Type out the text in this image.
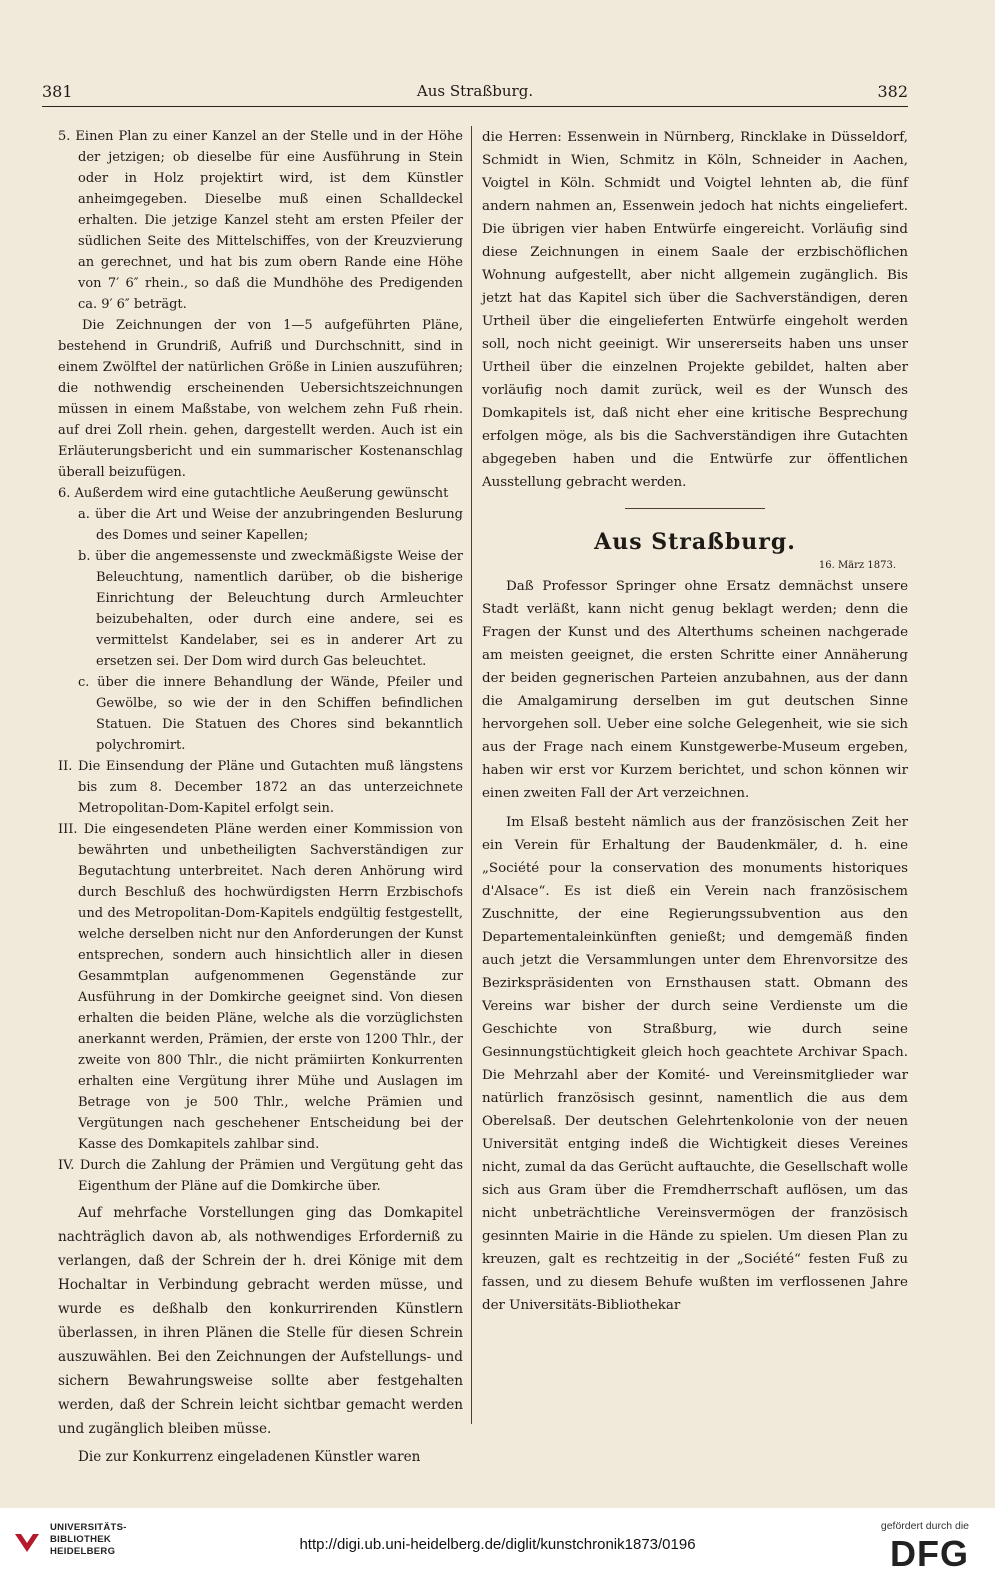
381	Aus Straßburg.	382

5. Einen Plan zu einer Kanzel an der Stelle und in der Höhe der jetzigen; ob dieselbe für eine Ausführung in Stein oder in Holz projektirt wird, ist dem Künstler anheimgegeben. Dieselbe muß einen Schalldeckel erhalten. Die jetzige Kanzel steht am ersten Pfeiler der südlichen Seite des Mittelschiffes, von der Kreuzvierung an gerechnet, und hat bis zum obern Rande eine Höhe von 7′ 6″ rhein., so daß die Mundhöhe des Predigenden ca. 9′ 6″ beträgt.

Die Zeichnungen der von 1—5 aufgeführten Pläne, bestehend in Grundriß, Aufriß und Durchschnitt, sind in einem Zwölftel der natürlichen Größe in Linien auszuführen; die nothwendig erscheinenden Uebersichtszeichnungen müssen in einem Maßstabe, von welchem zehn Fuß rhein. auf drei Zoll rhein. gehen, dargestellt werden. Auch ist ein Erläuterungsbericht und ein summarischer Kostenanschlag überall beizufügen.

6. Außerdem wird eine gutachtliche Aeußerung gewünscht

a. über die Art und Weise der anzubringenden Beslurung des Domes und seiner Kapellen;

b. über die angemessenste und zweckmäßigste Weise der Beleuchtung, namentlich darüber, ob die bisherige Einrichtung der Beleuchtung durch Armleuchter beizubehalten, oder durch eine andere, sei es vermittelst Kandelaber, sei es in anderer Art zu ersetzen sei. Der Dom wird durch Gas beleuchtet.

c. über die innere Behandlung der Wände, Pfeiler und Gewölbe, so wie der in den Schiffen befindlichen Statuen. Die Statuen des Chores sind bekanntlich polychromirt.

II. Die Einsendung der Pläne und Gutachten muß längstens bis zum 8. December 1872 an das unterzeichnete Metropolitan-Dom-Kapitel erfolgt sein.

III. Die eingesendeten Pläne werden einer Kommission von bewährten und unbetheiligten Sachverständigen zur Begutachtung unterbreitet. Nach deren Anhörung wird durch Beschluß des hochwürdigsten Herrn Erzbischofs und des Metropolitan-Dom-Kapitels endgültig festgestellt, welche derselben nicht nur den Anforderungen der Kunst entsprechen, sondern auch hinsichtlich aller in diesen Gesammtplan aufgenommenen Gegenstände zur Ausführung in der Domkirche geeignet sind. Von diesen erhalten die beiden Pläne, welche als die vorzüglichsten anerkannt werden, Prämien, der erste von 1200 Thlr., der zweite von 800 Thlr., die nicht prämiirten Konkurrenten erhalten eine Vergütung ihrer Mühe und Auslagen im Betrage von je 500 Thlr., welche Prämien und Vergütungen nach geschehener Entscheidung bei der Kasse des Domkapitels zahlbar sind.

IV. Durch die Zahlung der Prämien und Vergütung geht das Eigenthum der Pläne auf die Domkirche über.

Auf mehrfache Vorstellungen ging das Domkapitel nachträglich davon ab, als nothwendiges Erforderniß zu verlangen, daß der Schrein der h. drei Könige mit dem Hochaltar in Verbindung gebracht werden müsse, und wurde es deßhalb den konkurrirenden Künstlern überlassen, in ihren Plänen die Stelle für diesen Schrein auszuwählen. Bei den Zeichnungen der Aufstellungs- und sichern Bewahrungsweise sollte aber festgehalten werden, daß der Schrein leicht sichtbar gemacht werden und zugänglich bleiben müsse.

Die zur Konkurrenz eingeladenen Künstler waren

die Herren: Essenwein in Nürnberg, Rincklake in Düsseldorf, Schmidt in Wien, Schmitz in Köln, Schneider in Aachen, Voigtel in Köln. Schmidt und Voigtel lehnten ab, die fünf andern nahmen an, Essenwein jedoch hat nichts eingeliefert. Die übrigen vier haben Entwürfe eingereicht. Vorläufig sind diese Zeichnungen in einem Saale der erzbischöflichen Wohnung aufgestellt, aber nicht allgemein zugänglich. Bis jetzt hat das Kapitel sich über die Sachverständigen, deren Urtheil über die eingelieferten Entwürfe eingeholt werden soll, noch nicht geeinigt. Wir unsererseits haben uns unser Urtheil über die einzelnen Projekte gebildet, halten aber vorläufig noch damit zurück, weil es der Wunsch des Domkapitels ist, daß nicht eher eine kritische Besprechung erfolgen möge, als bis die Sachverständigen ihre Gutachten abgegeben haben und die Entwürfe zur öffentlichen Ausstellung gebracht werden.

Aus Straßburg.

16. März 1873.

Daß Professor Springer ohne Ersatz demnächst unsere Stadt verläßt, kann nicht genug beklagt werden; denn die Fragen der Kunst und des Alterthums scheinen nachgerade am meisten geeignet, die ersten Schritte einer Annäherung der beiden gegnerischen Parteien anzubahnen, aus der dann die Amalgamirung derselben im gut deutschen Sinne hervorgehen soll. Ueber eine solche Gelegenheit, wie sie sich aus der Frage nach einem Kunstgewerbe-Museum ergeben, haben wir erst vor Kurzem berichtet, und schon können wir einen zweiten Fall der Art verzeichnen.

Im Elsaß besteht nämlich aus der französischen Zeit her ein Verein für Erhaltung der Baudenkmäler, d. h. eine „Société pour la conservation des monuments historiques d'Alsace“. Es ist dieß ein Verein nach französischem Zuschnitte, der eine Regierungssubvention aus den Departementaleinkünften genießt; und demgemäß finden auch jetzt die Versammlungen unter dem Ehrenvorsitze des Bezirkspräsidenten von Ernsthausen statt. Obmann des Vereins war bisher der durch seine Verdienste um die Geschichte von Straßburg, wie durch seine Gesinnungstüchtigkeit gleich hoch geachtete Archivar Spach. Die Mehrzahl aber der Komité- und Vereinsmitglieder war natürlich französisch gesinnt, namentlich die aus dem Oberelsaß. Der deutschen Gelehrtenkolonie von der neuen Universität entging indeß die Wichtigkeit dieses Vereines nicht, zumal da das Gerücht auftauchte, die Gesellschaft wolle sich aus Gram über die Fremdherrschaft auflösen, um das nicht unbeträchtliche Vereinsvermögen der französisch gesinnten Mairie in die Hände zu spielen. Um diesen Plan zu kreuzen, galt es rechtzeitig in der „Société“ festen Fuß zu fassen, und zu diesem Behufe wußten im verflossenen Jahre der Universitäts-Bibliothekar

UNIVERSITÄTS-
BIBLIOTHEK
HEIDELBERG	http://digi.ub.uni-heidelberg.de/diglit/kunstchronik1873/0196
gefördert durch die
DFG
